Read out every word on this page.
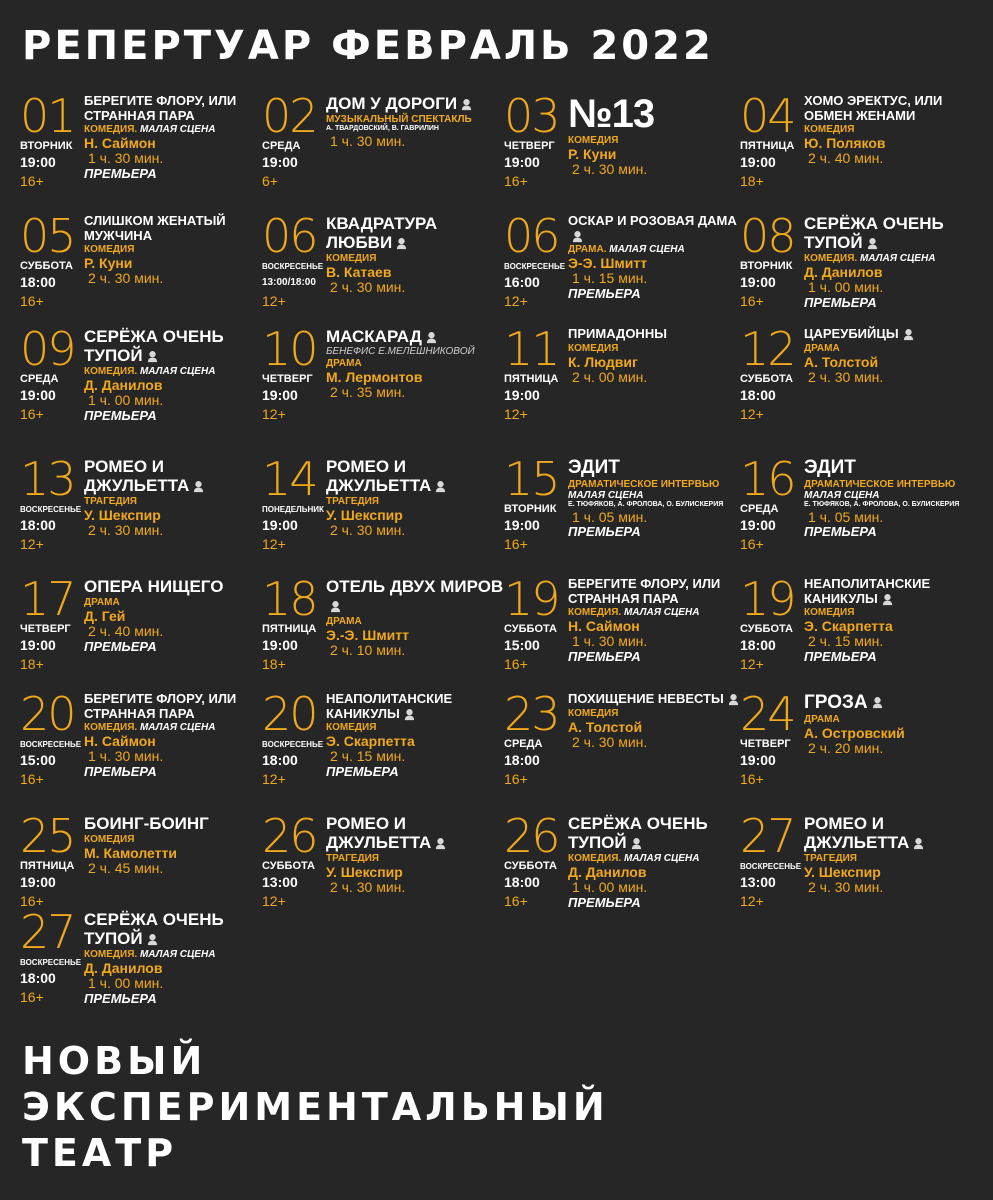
РЕПЕРТУАР ФЕВРАЛЬ 2022
01
ВТОРНИК
19:00
16+
БЕРЕГИТЕ ФЛОРУ, ИЛИ СТРАННАЯ ПАРА
КОМЕДИЯ. МАЛАЯ СЦЕНА
Н. Саймон
1 ч. 30 мин.
ПРЕМЬЕРА
02
СРЕДА
19:00
6+
ДОМ У ДОРОГИ
МУЗЫКАЛЬНЫЙ СПЕКТАКЛЬ
А. ТВАРДОВСКИЙ, В. ГАВРИЛИН
1 ч. 30 мин.	03
ЧЕТВЕРГ
19:00
16+
№13
КОМЕДИЯ
Р. Куни
2 ч. 30 мин.
04
ПЯТНИЦА
19:00
18+
ХОМО ЭРЕКТУС, ИЛИ ОБМЕН ЖЕНАМИ
КОМЕДИЯ
Ю. Поляков
2 ч. 40 мин.
05
СУББОТА
18:00
16+
СЛИШКОМ ЖЕНАТЫЙ МУЖЧИНА
КОМЕДИЯ
Р. Куни
2 ч. 30 мин.
06
ВОСКРЕСЕНЬЕ
13:00/18:00
12+
КВАДРАТУРА ЛЮБВИ
КОМЕДИЯ
В. Катаев
2 ч. 30 мин.
06
ВОСКРЕСЕНЬЕ
16:00
12+
ОСКАР И РОЗОВАЯ ДАМА
ДРАМА. МАЛАЯ СЦЕНА
Э-Э. Шмитт
1 ч. 15 мин.
ПРЕМЬЕРА
08
ВТОРНИК
19:00
16+
СЕРЁЖА ОЧЕНЬ ТУПОЙ
КОМЕДИЯ. МАЛАЯ СЦЕНА
Д. Данилов
1 ч. 00 мин.
ПРЕМЬЕРА
09
СРЕДА
19:00
16+
СЕРЁЖА ОЧЕНЬ ТУПОЙ
КОМЕДИЯ. МАЛАЯ СЦЕНА
Д. Данилов
1 ч. 00 мин.
ПРЕМЬЕРА
10
ЧЕТВЕРГ
19:00
12+
МАСКАРАД
БЕНЕФИС Е.МЕЛЕШНИКОВОЙ
ДРАМА
М. Лермонтов
2 ч. 35 мин.
11
ПЯТНИЦА
19:00
12+
ПРИМАДОННЫ
КОМЕДИЯ
К. Людвиг
2 ч. 00 мин.
12
СУББОТА
18:00
12+
ЦАРЕУБИЙЦЫ
ДРАМА
А. Толстой
2 ч. 30 мин.
13
ВОСКРЕСЕНЬЕ
18:00
12+
РОМЕО И ДЖУЛЬЕТТА
ТРАГЕДИЯ
У. Шекспир
2 ч. 30 мин.
14
ПОНЕДЕЛЬНИК
19:00
12+
РОМЕО И ДЖУЛЬЕТТА
ТРАГЕДИЯ
У. Шекспир
2 ч. 30 мин.
15
ВТОРНИК
19:00
16+
ЭДИТ
ДРАМАТИЧЕСКОЕ ИНТЕРВЬЮ МАЛАЯ СЦЕНА
Е. ТЮФЯКОВ, А. ФРОЛОВА, О. БУЛИСКЕРИЯ
1 ч. 05 мин.
ПРЕМЬЕРА
16
СРЕДА
19:00
16+
ЭДИТ
ДРАМАТИЧЕСКОЕ ИНТЕРВЬЮ МАЛАЯ СЦЕНА
Е. ТЮФЯКОВ, А. ФРОЛОВА, О. БУЛИСКЕРИЯ
1 ч. 05 мин.
ПРЕМЬЕРА
17
ЧЕТВЕРГ
19:00
18+
ОПЕРА НИЩЕГО
ДРАМА
Д. Гей
2 ч. 40 мин.
ПРЕМЬЕРА
18
ПЯТНИЦА
19:00
18+
ОТЕЛЬ ДВУХ МИРОВ
ДРАМА
Э.-Э. Шмитт
2 ч. 10 мин.
19
СУББОТА
15:00
16+
БЕРЕГИТЕ ФЛОРУ, ИЛИ СТРАННАЯ ПАРА
КОМЕДИЯ. МАЛАЯ СЦЕНА
Н. Саймон
1 ч. 30 мин.
ПРЕМЬЕРА
19
СУББОТА
18:00
12+
НЕАПОЛИТАНСКИЕ КАНИКУЛЫ
КОМЕДИЯ
Э. Скарпетта
2 ч. 15 мин.
ПРЕМЬЕРА
20
ВОСКРЕСЕНЬЕ
15:00
16+
БЕРЕГИТЕ ФЛОРУ, ИЛИ СТРАННАЯ ПАРА
КОМЕДИЯ. МАЛАЯ СЦЕНА
Н. Саймон
1 ч. 30 мин.
ПРЕМЬЕРА
20
ВОСКРЕСЕНЬЕ
18:00
12+
НЕАПОЛИТАНСКИЕ КАНИКУЛЫ
КОМЕДИЯ
Э. Скарпетта
2 ч. 15 мин.
ПРЕМЬЕРА
23
СРЕДА
18:00
16+
ПОХИЩЕНИЕ НЕВЕСТЫ
КОМЕДИЯ
А. Толстой
2 ч. 30 мин.
24
ЧЕТВЕРГ
19:00
16+
ГРОЗА
ДРАМА
А. Островский
2 ч. 20 мин.
25
ПЯТНИЦА
19:00
16+
БОИНГ-БОИНГ
КОМЕДИЯ
М. Камолетти
2 ч. 45 мин.
26
СУББОТА
13:00
12+
РОМЕО И ДЖУЛЬЕТТА
ТРАГЕДИЯ
У. Шекспир
2 ч. 30 мин.
26
СУББОТА
18:00
16+
СЕРЁЖА ОЧЕНЬ ТУПОЙ
КОМЕДИЯ. МАЛАЯ СЦЕНА
Д. Данилов
1 ч. 00 мин.
ПРЕМЬЕРА
27
ВОСКРЕСЕНЬЕ
13:00
12+
РОМЕО И ДЖУЛЬЕТТА
ТРАГЕДИЯ
У. Шекспир
2 ч. 30 мин.
27
ВОСКРЕСЕНЬЕ
18:00
16+
СЕРЁЖА ОЧЕНЬ ТУПОЙ
КОМЕДИЯ. МАЛАЯ СЦЕНА
Д. Данилов
1 ч. 00 мин.
ПРЕМЬЕРА
НОВЫЙ
ЭКСПЕРИМЕНТАЛЬНЫЙ
ТЕАТР
